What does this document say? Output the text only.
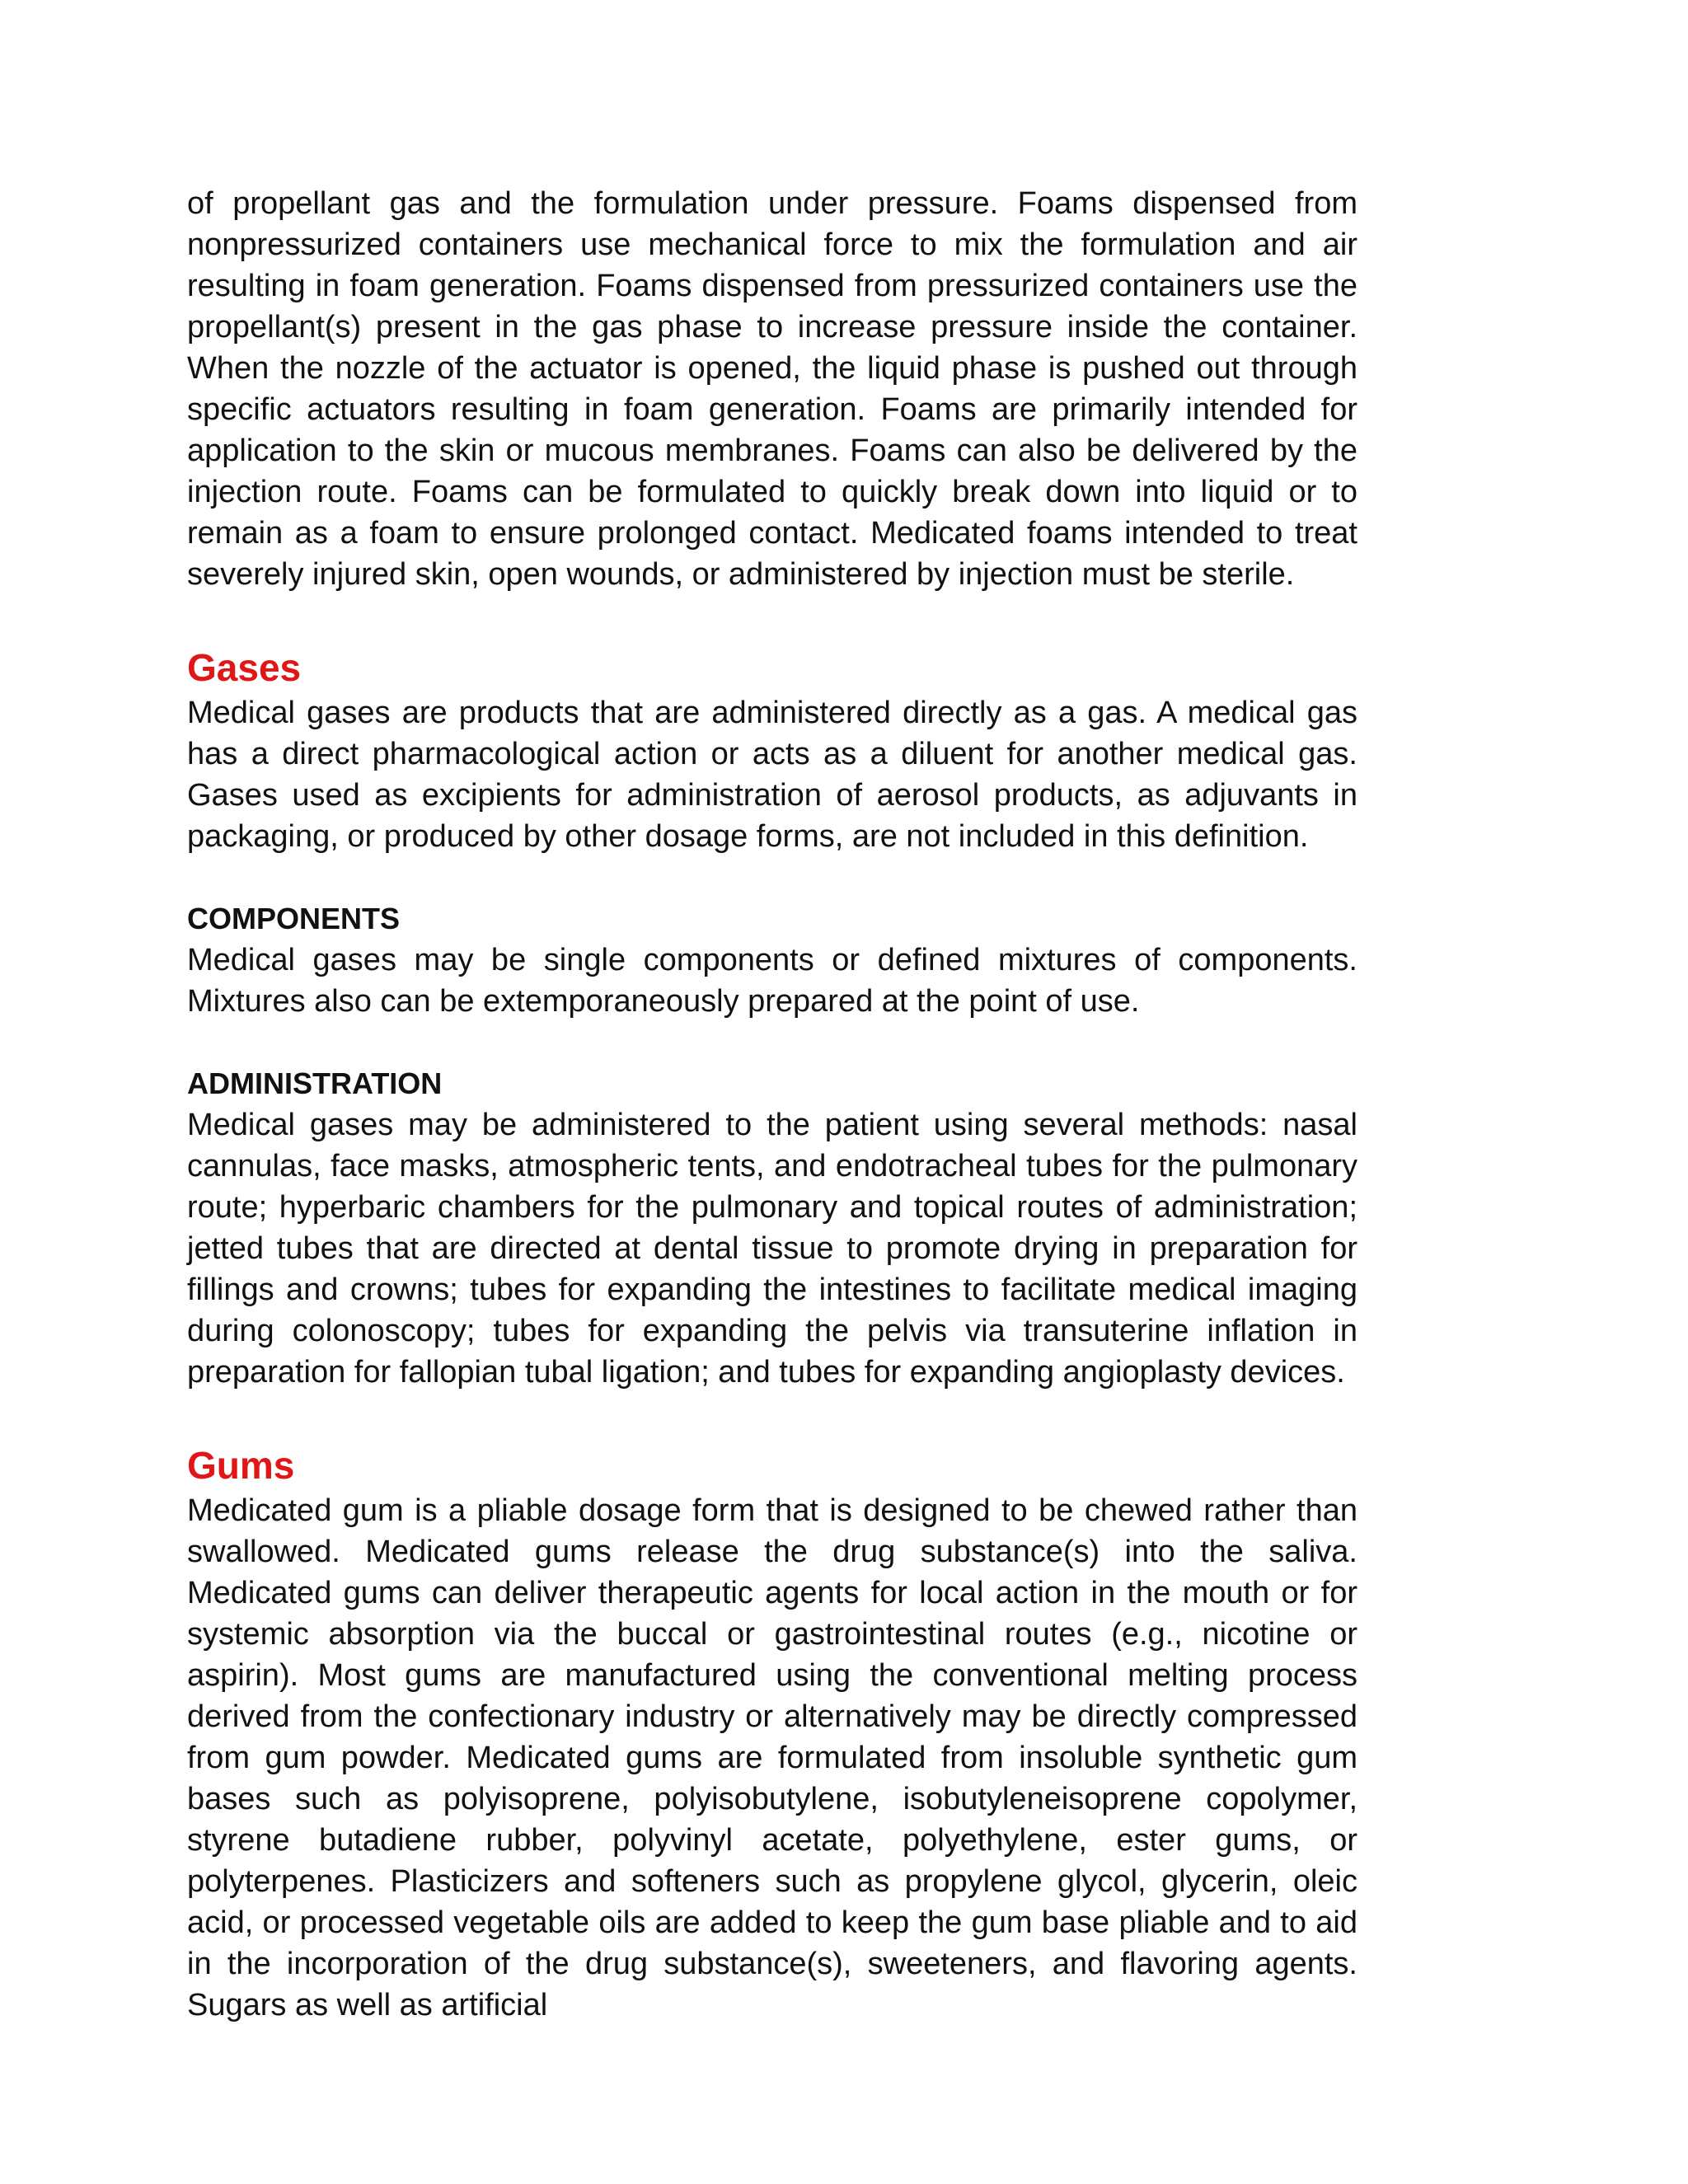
of propellant gas and the formulation under pressure. Foams dispensed from nonpressurized containers use mechanical force to mix the formulation and air resulting in foam generation. Foams dispensed from pressurized containers use the propellant(s) present in the gas phase to increase pressure inside the container. When the nozzle of the actuator is opened, the liquid phase is pushed out through specific actuators resulting in foam generation. Foams are primarily intended for application to the skin or mucous membranes. Foams can also be delivered by the injection route. Foams can be formulated to quickly break down into liquid or to remain as a foam to ensure prolonged contact. Medicated foams intended to treat severely injured skin, open wounds, or administered by injection must be sterile.

Gases

Medical gases are products that are administered directly as a gas. A medical gas has a direct pharmacological action or acts as a diluent for another medical gas. Gases used as excipients for administration of aerosol products, as adjuvants in packaging, or produced by other dosage forms, are not included in this definition.

COMPONENTS

Medical gases may be single components or defined mixtures of components. Mixtures also can be extemporaneously prepared at the point of use.

ADMINISTRATION

Medical gases may be administered to the patient using several methods: nasal cannulas, face masks, atmospheric tents, and endotracheal tubes for the pulmonary route; hyperbaric chambers for the pulmonary and topical routes of administration; jetted tubes that are directed at dental tissue to promote drying in preparation for fillings and crowns; tubes for expanding the intestines to facilitate medical imaging during colonoscopy; tubes for expanding the pelvis via transuterine inflation in preparation for fallopian tubal ligation; and tubes for expanding angioplasty devices.

Gums

Medicated gum is a pliable dosage form that is designed to be chewed rather than swallowed. Medicated gums release the drug substance(s) into the saliva. Medicated gums can deliver therapeutic agents for local action in the mouth or for systemic absorption via the buccal or gastrointestinal routes (e.g., nicotine or aspirin). Most gums are manufactured using the conventional melting process derived from the confectionary industry or alternatively may be directly compressed from gum powder. Medicated gums are formulated from insoluble synthetic gum bases such as polyisoprene, polyisobutylene, isobutyleneisoprene copolymer, styrene butadiene rubber, polyvinyl acetate, polyethylene, ester gums, or polyterpenes. Plasticizers and softeners such as propylene glycol, glycerin, oleic acid, or processed vegetable oils are added to keep the gum base pliable and to aid in the incorporation of the drug substance(s), sweeteners, and flavoring agents. Sugars as well as artificial
